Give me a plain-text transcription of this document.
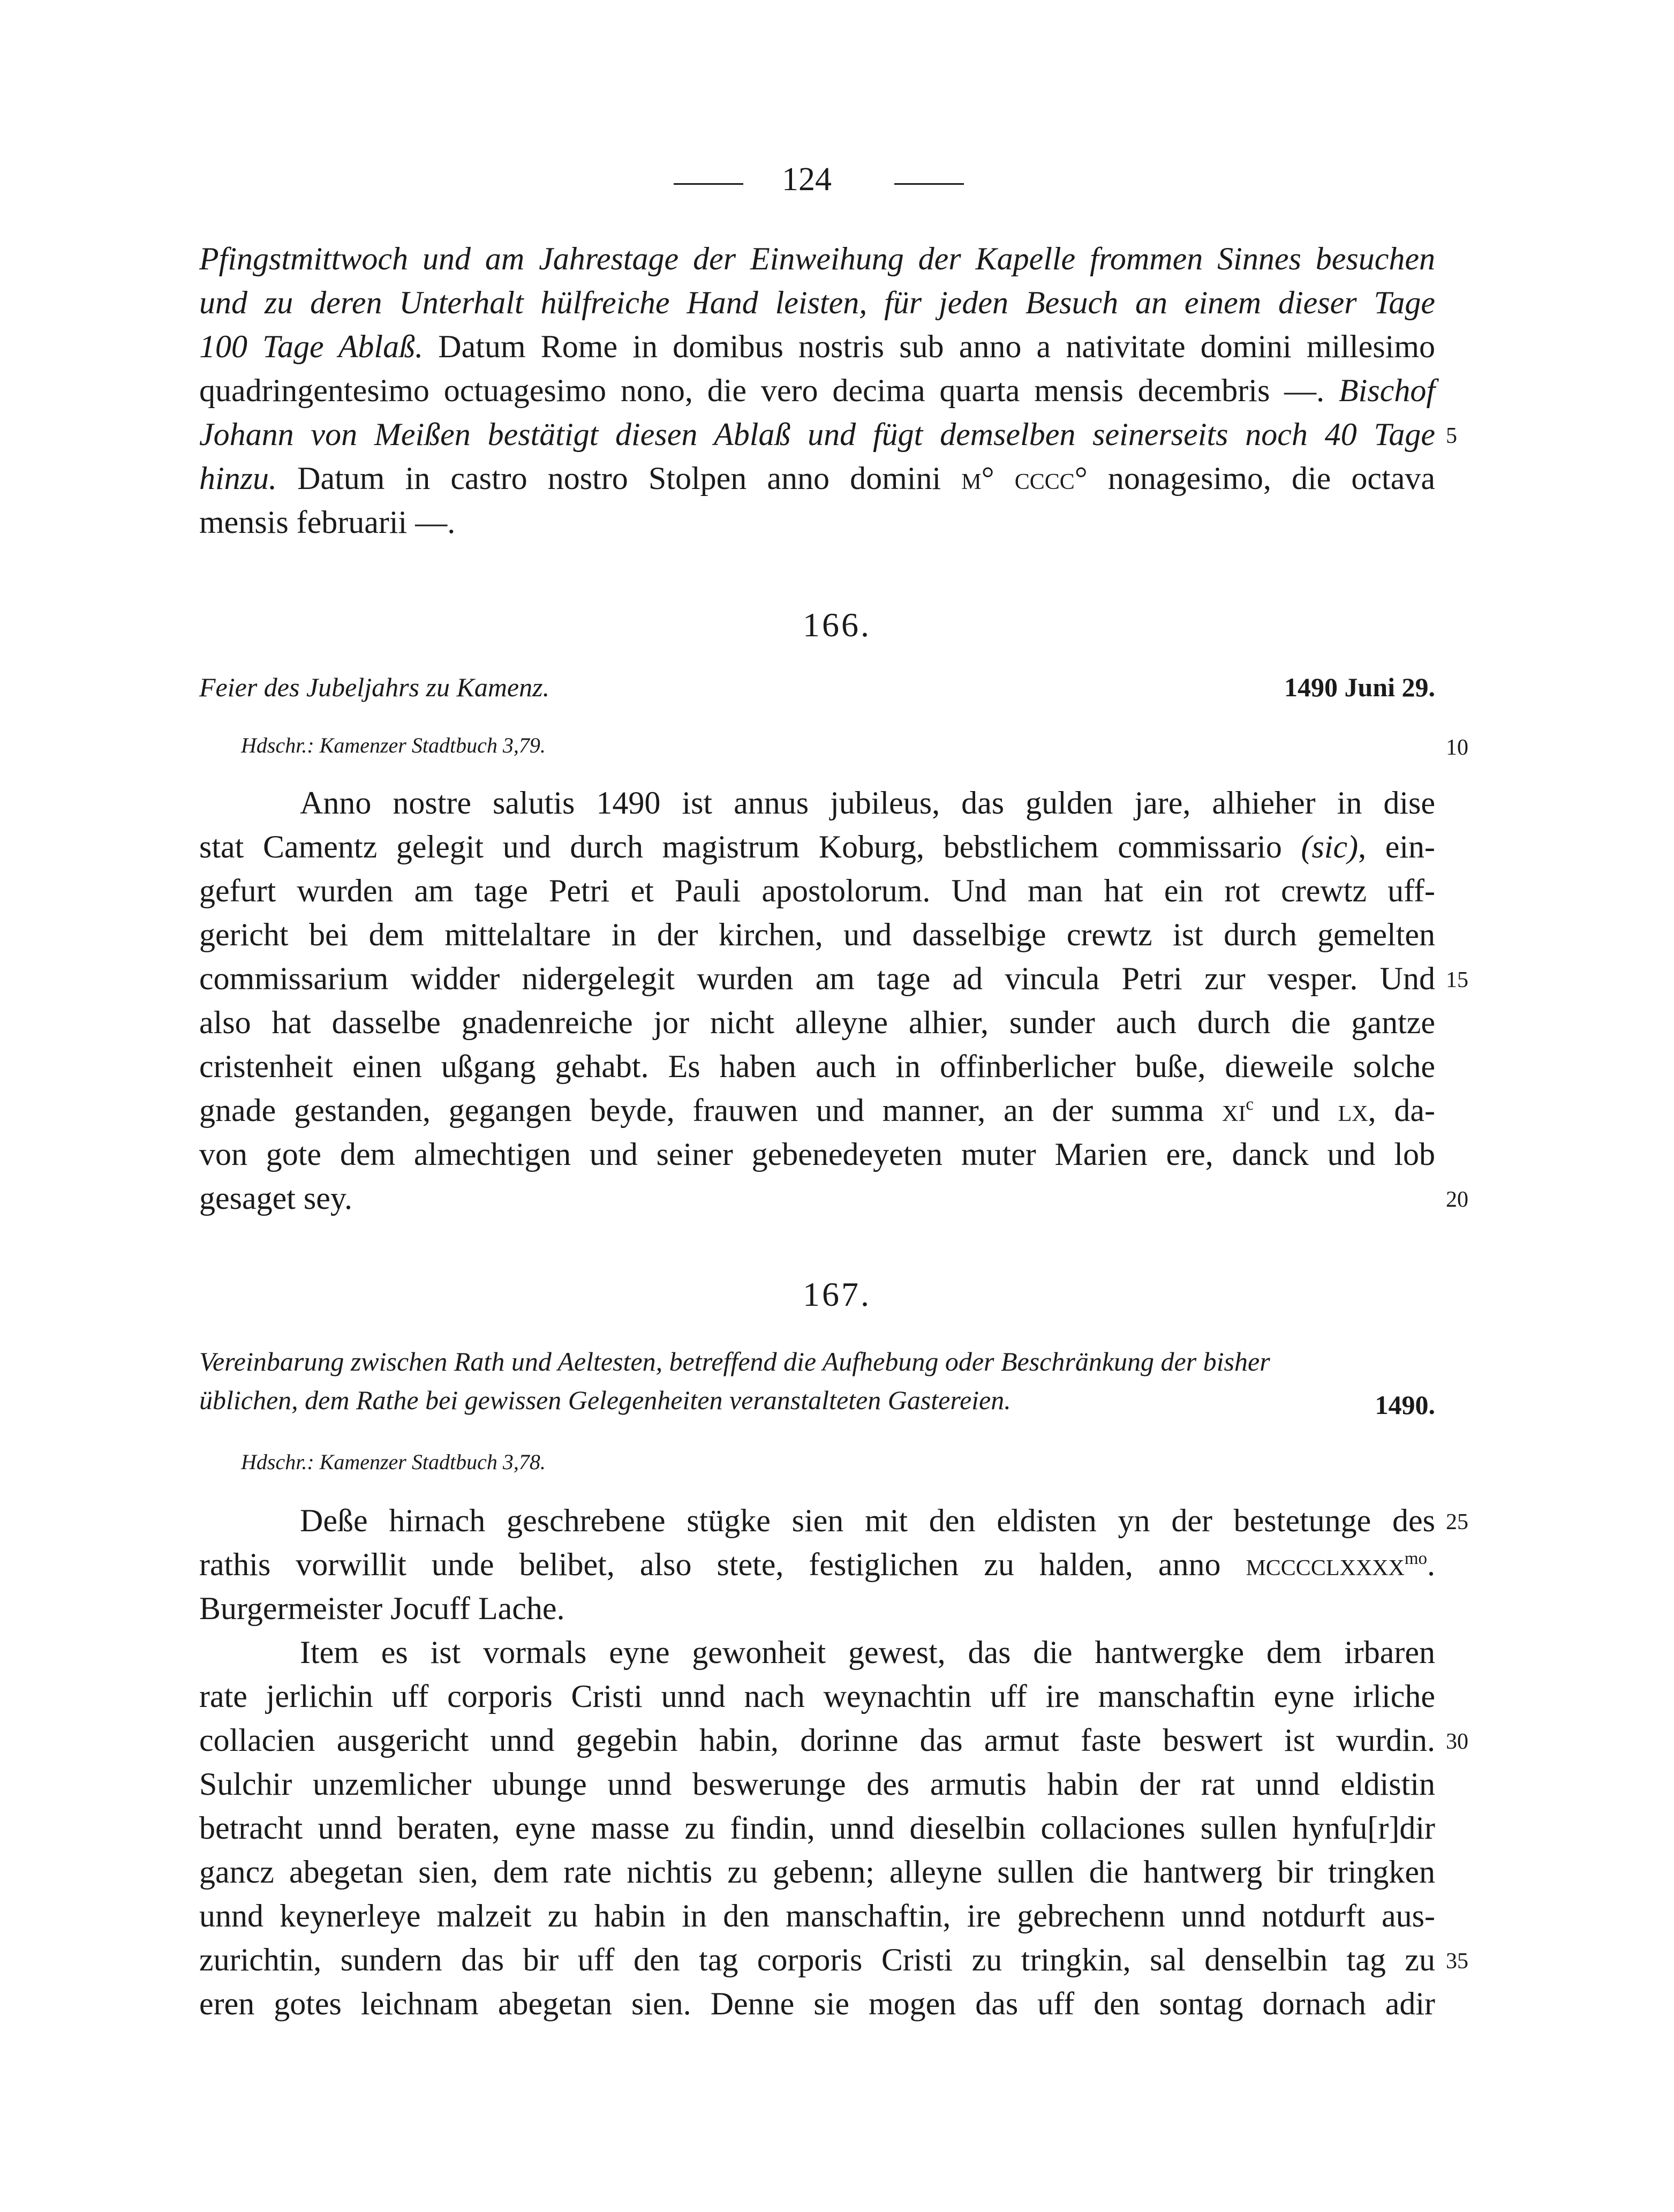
124
Pfingstmittwoch und am Jahrestage der Einweihung der Kapelle frommen Sinnes besuchen
und zu deren Unterhalt hülfreiche Hand leisten, für jeden Besuch an einem dieser Tage
100 Tage Ablaß. Datum Rome in domibus nostris sub anno a nativitate domini millesimo
quadringentesimo octuagesimo nono, die vero decima quarta mensis decembris —. Bischof
Johann von Meißen bestätigt diesen Ablaß und fügt demselben seinerseits noch 40 Tage 5
hinzu. Datum in castro nostro Stolpen anno domini m° cccc° nonagesimo, die octava
mensis februarii —.
166.
Feier des Jubeljahrs zu Kamenz.	1490 Juni 29.
Hdschr.: Kamenzer Stadtbuch 3,79.	10
Anno nostre salutis 1490 ist annus jubileus, das gulden jare, alhieher in dise
stat Camentz gelegit und durch magistrum Koburg, bebstlichem commissario (sic), ein-
gefurt wurden am tage Petri et Pauli apostolorum. Und man hat ein rot crewtz uff-
gericht bei dem mittelaltare in der kirchen, und dasselbige crewtz ist durch gemelten
commissarium widder nidergelegit wurden am tage ad vincula Petri zur vesper. Und 15
also hat dasselbe gnadenreiche jor nicht alleyne alhier, sunder auch durch die gantze
cristenheit einen ußgang gehabt. Es haben auch in offinberlicher buße, dieweile solche
gnade gestanden, gegangen beyde, frauwen und manner, an der summa $xi^c$ und lx, da-
von gote dem almechtigen und seiner gebenedeyeten muter Marien ere, danck und lob
gesaget sey.	20
167.
Vereinbarung zwischen Rath und Aeltesten, betreffend die Aufhebung oder Beschränkung der bisher
üblichen, dem Rathe bei gewissen Gelegenheiten veranstalteten Gastereien.	1490.
Hdschr.: Kamenzer Stadtbuch 3,78.
Deße hirnach geschrebene stügke sien mit den eldisten yn der bestetunge des 25
rathis vorwillit unde belibet, also stete, festiglichen zu halden, anno mcccclxxxx$^{mo}$.
Burgermeister Jocuff Lache.
Item es ist vormals eyne gewonheit gewest, das die hantwergke dem irbaren
rate jerlichin uff corporis Cristi unnd nach weynachtin uff ire manschaftin eyne irliche
collacien ausgericht unnd gegebin habin, dorinne das armut faste beswert ist wurdin. 30
Sulchir unzemlicher ubunge unnd beswerunge des armutis habin der rat unnd eldistin
betracht unnd beraten, eyne masse zu findin, unnd dieselbin collaciones sullen hynfu[r]dir
gancz abegetan sien, dem rate nichtis zu gebenn; alleyne sullen die hantwerg bir tringken
unnd keynerleye malzeit zu habin in den manschaftin, ire gebrechenn unnd notdurft aus-
zurichtin, sundern das bir uff den tag corporis Cristi zu tringkin, sal denselbin tag zu 35
eren gotes leichnam abegetan sien. Denne sie mogen das uff den sontag dornach adir
